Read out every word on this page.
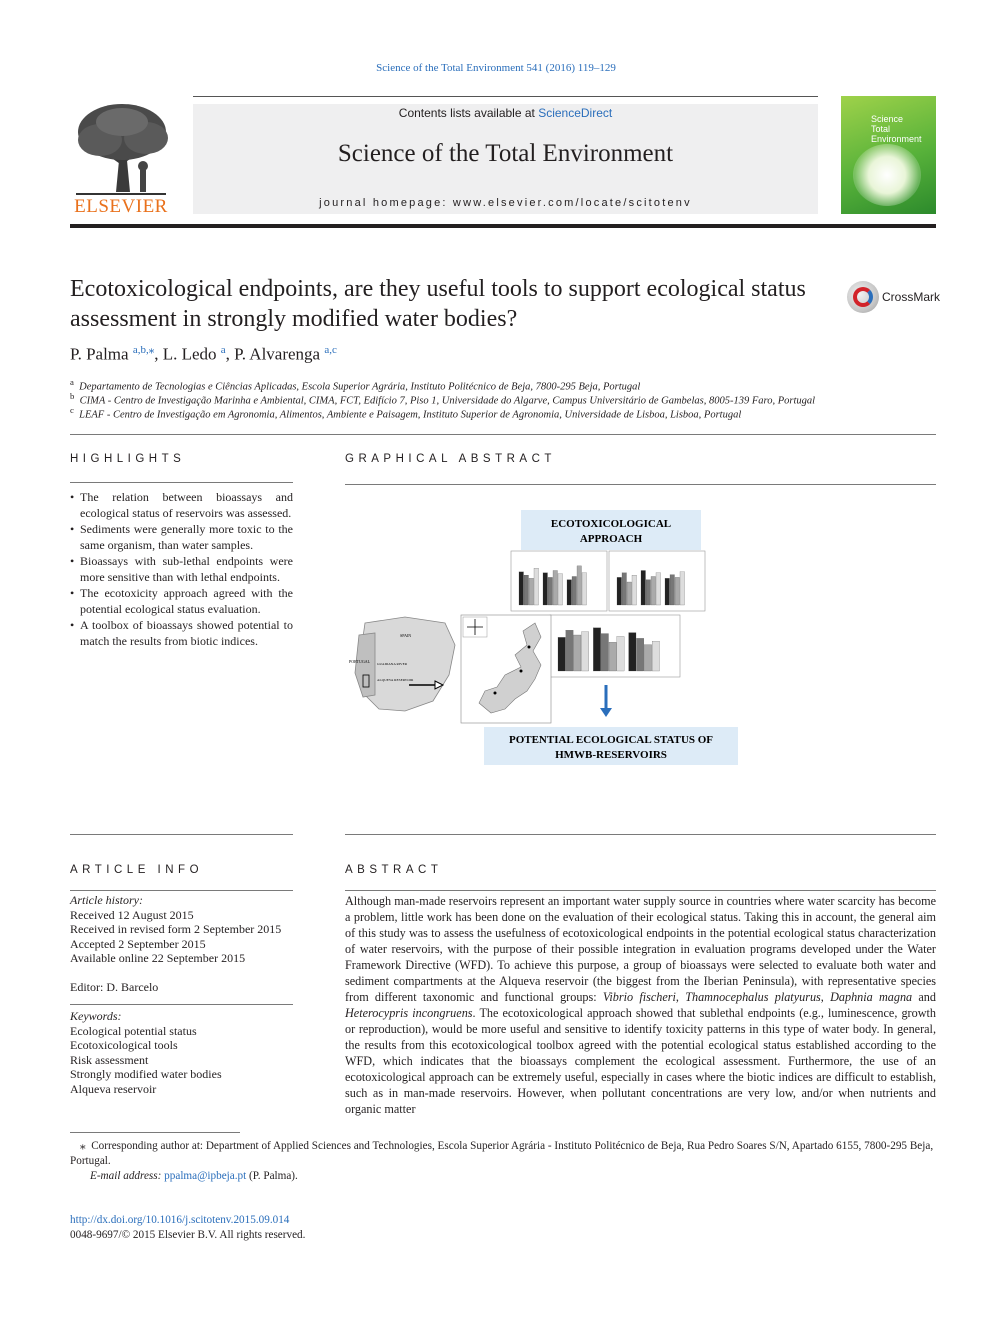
Science of the Total Environment 541 (2016) 119–129
ELSEVIER
Contents lists available at ScienceDirect
Science of the Total Environment
journal homepage: www.elsevier.com/locate/scitotenv
Science
Total Environment
Ecotoxicological endpoints, are they useful tools to support ecological status assessment in strongly modified water bodies?
CrossMark
P. Palma $^{a,b,⁎}$, L. Ledo $^a$, P. Alvarenga $^{a,c}$
$^a$ Departamento de Tecnologias e Ciências Aplicadas, Escola Superior Agrária, Instituto Politécnico de Beja, 7800-295 Beja, Portugal
$^b$ CIMA - Centro de Investigação Marinha e Ambiental, CIMA, FCT, Edifício 7, Piso 1, Universidade do Algarve, Campus Universitário de Gambelas, 8005-139 Faro, Portugal
$^c$ LEAF - Centro de Investigação em Agronomia, Alimentos, Ambiente e Paisagem, Instituto Superior de Agronomia, Universidade de Lisboa, Lisboa, Portugal
HIGHLIGHTS
• The relation between bioassays and ecological status of reservoirs was assessed.
• Sediments were generally more toxic to the same organism, than water samples.
• Bioassays with sub-lethal endpoints were more sensitive than with lethal endpoints.
• The ecotoxicity approach agreed with the potential ecological status evaluation.
• A toolbox of bioassays showed potential to match the results from biotic indices.
GRAPHICAL ABSTRACT
ECOTOXICOLOGICAL
APPROACH
SPAIN
PORTUGAL GUADIANA RIVER
ALQUEVA RESERVOIR
POTENTIAL ECOLOGICAL STATUS OF
HMWB-RESERVOIRS
ARTICLE INFO
Article history:
Received 12 August 2015
Received in revised form 2 September 2015
Accepted 2 September 2015
Available online 22 September 2015
Editor: D. Barcelo
Keywords:
Ecological potential status
Ecotoxicological tools
Risk assessment
Strongly modified water bodies
Alqueva reservoir
ABSTRACT
Although man-made reservoirs represent an important water supply source in countries where water scarcity has become a problem, little work has been done on the evaluation of their ecological status. Taking this in account, the general aim of this study was to assess the usefulness of ecotoxicological endpoints in the potential ecological status characterization of water reservoirs, with the purpose of their possible integration in evaluation programs developed under the Water Framework Directive (WFD). To achieve this purpose, a group of bioassays were selected to evaluate both water and sediment compartments at the Alqueva reservoir (the biggest from the Iberian Peninsula), with representative species from different taxonomic and functional groups: Vibrio fischeri, Thamnocephalus platyurus, Daphnia magna and Heterocypris incongruens. The ecotoxicological approach showed that sublethal endpoints (e.g., luminescence, growth or reproduction), would be more useful and sensitive to identify toxicity patterns in this type of water body. In general, the results from this ecotoxicological toolbox agreed with the potential ecological status established according to the WFD, which indicates that the bioassays complement the ecological assessment. Furthermore, the use of an ecotoxicological approach can be extremely useful, especially in cases where the biotic indices are difficult to establish, such as in man-made reservoirs. However, when pollutant concentrations are very low, and/or when nutrients and organic matter
⁎ Corresponding author at: Department of Applied Sciences and Technologies, Escola Superior Agrária - Instituto Politécnico de Beja, Rua Pedro Soares S/N, Apartado 6155, 7800-295 Beja, Portugal.
E-mail address: ppalma@ipbeja.pt (P. Palma).
http://dx.doi.org/10.1016/j.scitotenv.2015.09.014
0048-9697/© 2015 Elsevier B.V. All rights reserved.
